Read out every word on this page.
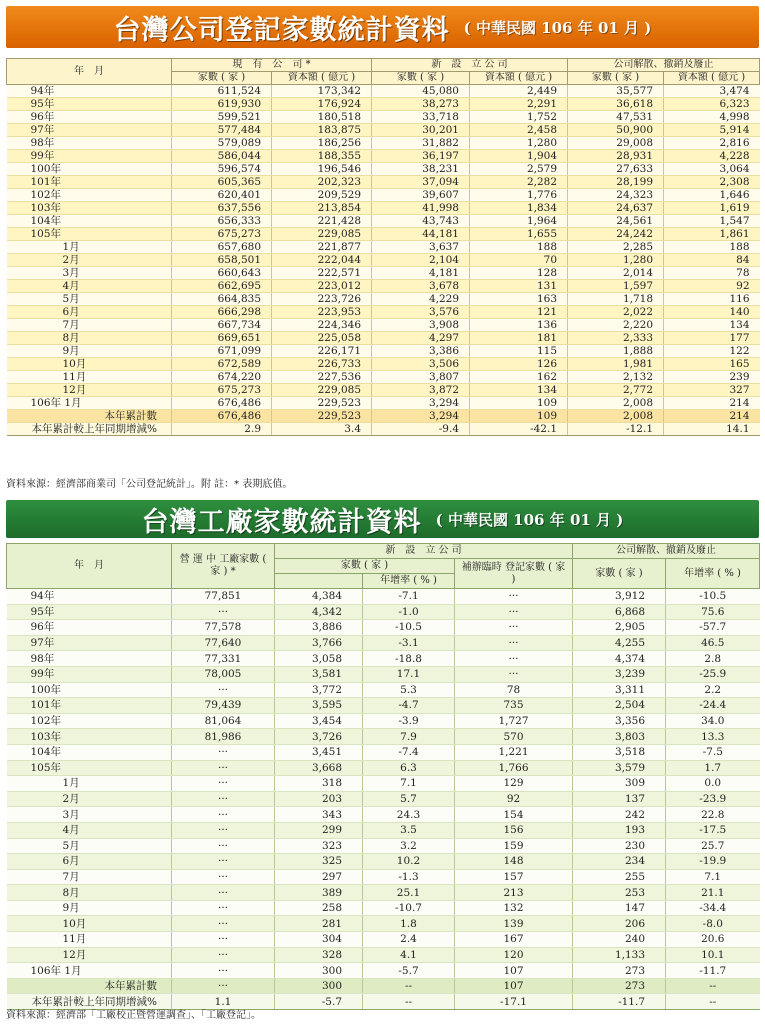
台灣公司登記家數統計資料 ( 中華民國 106 年 01 月 )
年　月	現　有　公　司 *		新　設　立 公 司		公司解散、撤銷及廢止	
	家數 ( 家 )	資本額 ( 億元 )	家數 ( 家 )	資本額 ( 億元 )	家數 ( 家 )	資本額 ( 億元 )
94年	611,524	173,342	45,080	2,449	35,577	3,474
95年	619,930	176,924	38,273	2,291	36,618	6,323
96年	599,521	180,518	33,718	1,752	47,531	4,998
97年	577,484	183,875	30,201	2,458	50,900	5,914
98年	579,089	186,256	31,882	1,280	29,008	2,816
99年	586,044	188,355	36,197	1,904	28,931	4,228
100年	596,574	196,546	38,231	2,579	27,633	3,064
101年	605,365	202,323	37,094	2,282	28,199	2,308
102年	620,401	209,529	39,607	1,776	24,323	1,646
103年	637,556	213,854	41,998	1,834	24,637	1,619
104年	656,333	221,428	43,743	1,964	24,561	1,547
105年	675,273	229,085	44,181	1,655	24,242	1,861
1月	657,680	221,877	3,637	188	2,285	188
2月	658,501	222,044	2,104	70	1,280	84
3月	660,643	222,571	4,181	128	2,014	78
4月	662,695	223,012	3,678	131	1,597	92
5月	664,835	223,726	4,229	163	1,718	116
6月	666,298	223,953	3,576	121	2,022	140
7月	667,734	224,346	3,908	136	2,220	134
8月	669,651	225,058	4,297	181	2,333	177
9月	671,099	226,171	3,386	115	1,888	122
10月	672,589	226,733	3,506	126	1,981	165
11月	674,220	227,536	3,807	162	2,132	239
12月	675,273	229,085	3,872	134	2,772	327
106年 1月	676,486	229,523	3,294	109	2,008	214
本年累計數	676,486	229,523	3,294	109	2,008	214
本年累計較上年同期增減%	2.9	3.4	-9.4	-42.1	-12.1	14.1
資料來源：經濟部商業司「公司登記統計」。附 註：* 表期底值。
台灣工廠家數統計資料 ( 中華民國 106 年 01 月 )
年　月	營 運 中 工廠家數 ( 家 ) *	新　設　立 公 司			公司解散、撤銷及廢止	
		家數 ( 家 )		補辦臨時 登記家數 ( 家 )	家數 ( 家 )	年增率 ( % )
			年增率 ( % )			
94年	77,851	4,384	-7.1	···	3,912	-10.5
95年	···	4,342	-1.0	···	6,868	75.6
96年	77,578	3,886	-10.5	···	2,905	-57.7
97年	77,640	3,766	-3.1	···	4,255	46.5
98年	77,331	3,058	-18.8	···	4,374	2.8
99年	78,005	3,581	17.1	···	3,239	-25.9
100年	···	3,772	5.3	78	3,311	2.2
101年	79,439	3,595	-4.7	735	2,504	-24.4
102年	81,064	3,454	-3.9	1,727	3,356	34.0
103年	81,986	3,726	7.9	570	3,803	13.3
104年	···	3,451	-7.4	1,221	3,518	-7.5
105年	···	3,668	6.3	1,766	3,579	1.7
1月	···	318	7.1	129	309	0.0
2月	···	203	5.7	92	137	-23.9
3月	···	343	24.3	154	242	22.8
4月	···	299	3.5	156	193	-17.5
5月	···	323	3.2	159	230	25.7
6月	···	325	10.2	148	234	-19.9
7月	···	297	-1.3	157	255	7.1
8月	···	389	25.1	213	253	21.1
9月	···	258	-10.7	132	147	-34.4
10月	···	281	1.8	139	206	-8.0
11月	···	304	2.4	167	240	20.6
12月	···	328	4.1	120	1,133	10.1
106年 1月	···	300	-5.7	107	273	-11.7
本年累計數	···	300	--	107	273	--
本年累計較上年同期增減%	1.1	-5.7	--	-17.1	-11.7	--
資料來源：經濟部「工廠校正暨營運調查」、「工廠登記」。
